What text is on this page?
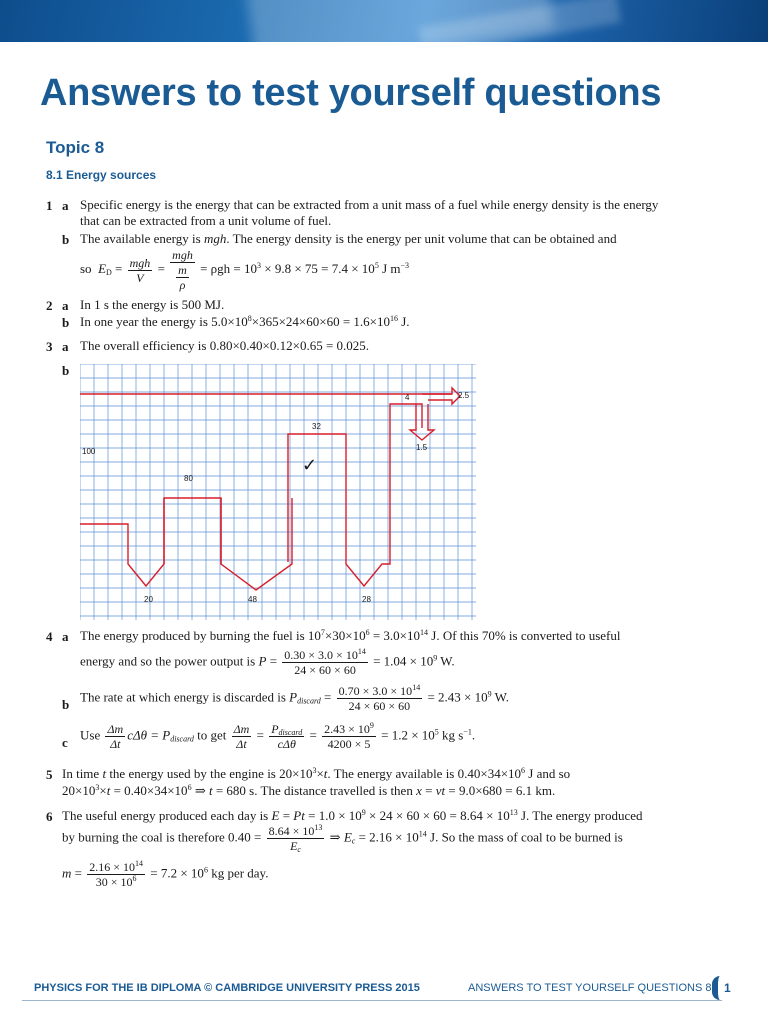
Answers to test yourself questions
Topic 8
8.1 Energy sources
1 a Specific energy is the energy that can be extracted from a unit mass of a fuel while energy density is the energy
that can be extracted from a unit volume of fuel.
b The available energy is mgh. The energy density is the energy per unit volume that can be obtained and
so $E_D = \frac{\text{mgh}}{V} = \frac{\text{mgh}}{\frac{m}{\rho}} = \rho gh = 10^3 \times 9.8 \times 75 = 7.4 \times 10^5$ J $m^{-3}$
2 a In 1 s the energy is 500 MJ.
b In one year the energy is $5.0\times 10^8\times 365\times 24\times 60\times 60 = 1.6\times 10^{16}$ J.
3 a The overall efficiency is 0.80×0.40×0.12×0.65 = 0.025.
b
100
80
32
4	2.5
1.5
20	48	28
✓
4 a The energy produced by burning the fuel is $10^7\times 30\times 10^6 = 3.0\times 10^{14}$ J. Of this 70% is converted to useful
energy and so the power output is $P = \frac{0.30 \times 3.0 \times 10^{14}}{24 \times 60 \times 60} = 1.04 \times 10^9$ W.
b
The rate at which energy is discarded is $P_{discard} = \frac{0.70 \times 3.0 \times 10^{14}}{24 \times 60 \times 60} = 2.43 \times 10^9$ W.
c
Use $\frac{\Delta m}{\Delta t}$ $c\Delta\theta = P_{discard}$ to get $\frac{\Delta m}{\Delta t} = \frac{P_{discard}}{\text{cΔθ}} = \frac{2.43 \times 10^9}{4200 \times 5} = 1.2 \times 10^5$ kg $s^{-1}$.
5 In time t the energy used by the engine is $20\times 10^3\times t$. The energy available is $0.40\times 34\times 10^6$ J and so
$20\times 10^3\times t = 0.40\times 34\times 10^6$ ⇒ t = 680 s. The distance travelled is then x = vt = 9.0×680 = 6.1 km.
6 The useful energy produced each day is $E = Pt = 1.0 \times 10^9 \times 24 \times 60 \times 60 = 8.64 \times 10^{13}$ J. The energy produced
by burning the coal is therefore $0.40 = \frac{8.64 \times 10^{13}}{E_c}$ ⇒ $E_c = 2.16 \times 10^{14}$ J. So the mass of coal to be burned is
$m = \frac{2.16 \times 10^{14}}{30 \times 10^6} = 7.2 \times 10^6$ kg per day.
PHYSICS FOR THE IB DIPLOMA © CAMBRIDGE UNIVERSITY PRESS 2015	ANSWERS TO TEST YOURSELF QUESTIONS 8 1
